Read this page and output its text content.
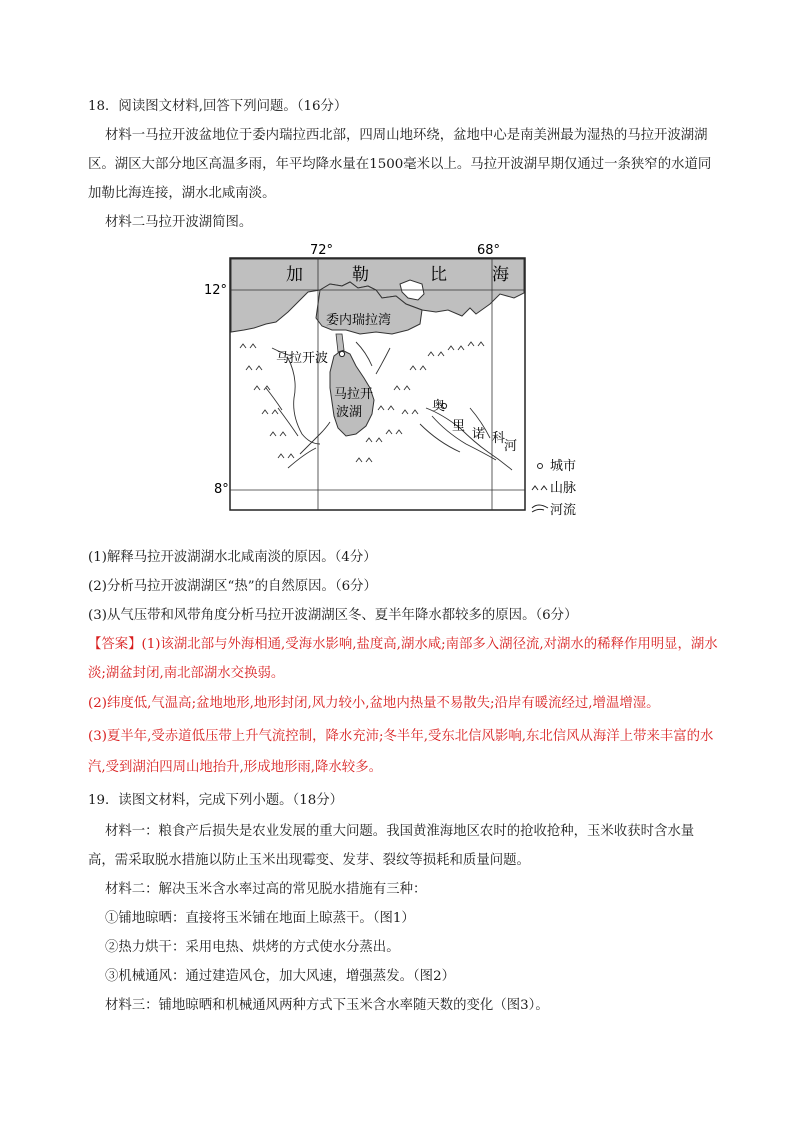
18．阅读图文材料,回答下列问题。（16分）
材料一马拉开波盆地位于委内瑞拉西北部，四周山地环绕，盆地中心是南美洲最为湿热的马拉开波湖湖
区。湖区大部分地区高温多雨，年平均降水量在1500毫米以上。马拉开波湖早期仅通过一条狭窄的水道同
加勒比海连接，湖水北咸南淡。
材料二马拉开波湖简图。
72°	68°
12°
8°
加	勒	比	海
委内瑞拉湾
马拉开波
马拉开
波湖	奥
里
诺 科
河
城市
山脉
河流
(1)解释马拉开波湖湖水北咸南淡的原因。（4分）
(2)分析马拉开波湖湖区“热”的自然原因。（6分）
(3)从气压带和风带角度分析马拉开波湖湖区冬、夏半年降水都较多的原因。（6分）
【答案】(1)该湖北部与外海相通,受海水影响,盐度高,湖水咸;南部多入湖径流,对湖水的稀释作用明显，湖水
淡;湖盆封闭,南北部湖水交换弱。
(2)纬度低,气温高;盆地地形,地形封闭,风力较小,盆地内热量不易散失;沿岸有暖流经过,增温增湿。
(3)夏半年,受赤道低压带上升气流控制，降水充沛;冬半年,受东北信风影响,东北信风从海洋上带来丰富的水
汽,受到湖泊四周山地抬升,形成地形雨,降水较多。
19．读图文材料，完成下列小题。（18分）
材料一：粮食产后损失是农业发展的重大问题。我国黄淮海地区农时的抢收抢种，玉米收获时含水量
高，需采取脱水措施以防止玉米出现霉变、发芽、裂纹等损耗和质量问题。
材料二：解决玉米含水率过高的常见脱水措施有三种：
①铺地晾晒：直接将玉米铺在地面上晾蒸干。（图1）
②热力烘干：采用电热、烘烤的方式使水分蒸出。
③机械通风：通过建造风仓，加大风速，增强蒸发。（图2）
材料三：铺地晾晒和机械通风两种方式下玉米含水率随天数的变化（图3）。
